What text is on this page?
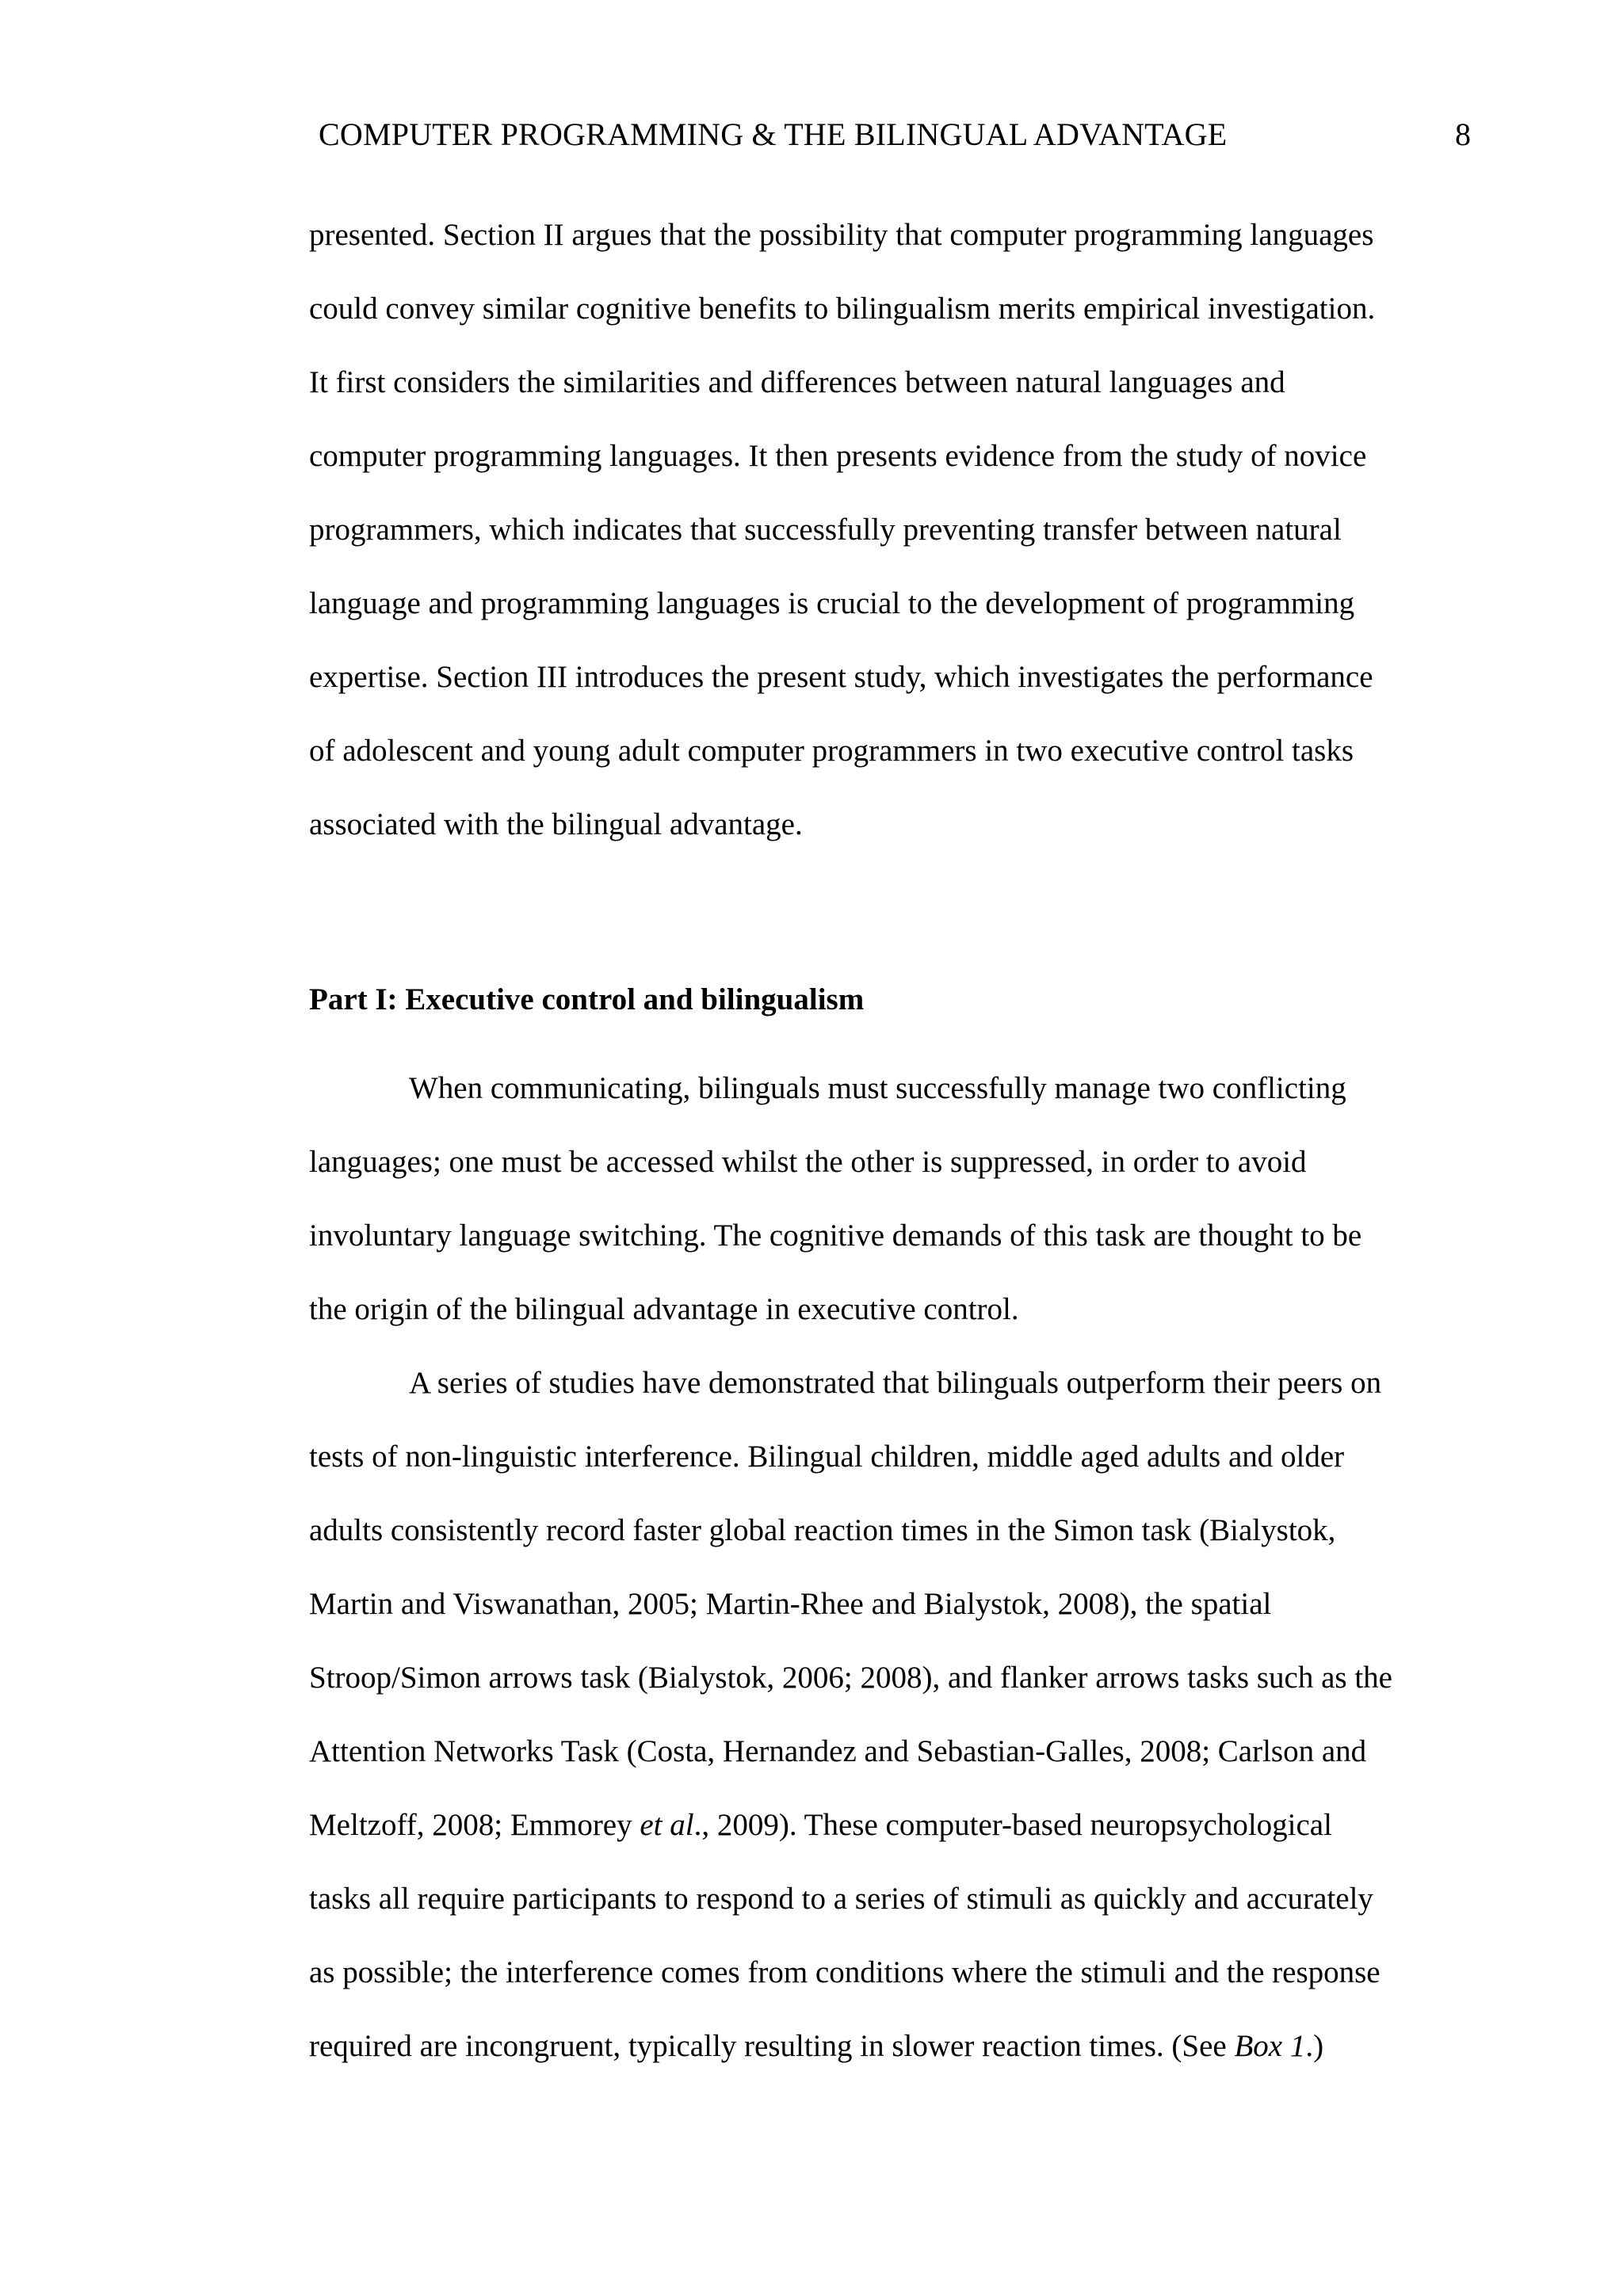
COMPUTER PROGRAMMING & THE BILINGUAL ADVANTAGE	8
presented. Section II argues that the possibility that computer programming languages
could convey similar cognitive benefits to bilingualism merits empirical investigation.
It first considers the similarities and differences between natural languages and
computer programming languages. It then presents evidence from the study of novice
programmers, which indicates that successfully preventing transfer between natural
language and programming languages is crucial to the development of programming
expertise. Section III introduces the present study, which investigates the performance
of adolescent and young adult computer programmers in two executive control tasks
associated with the bilingual advantage.
Part I: Executive control and bilingualism
When communicating, bilinguals must successfully manage two conflicting
languages; one must be accessed whilst the other is suppressed, in order to avoid
involuntary language switching. The cognitive demands of this task are thought to be
the origin of the bilingual advantage in executive control.
A series of studies have demonstrated that bilinguals outperform their peers on
tests of non-linguistic interference. Bilingual children, middle aged adults and older
adults consistently record faster global reaction times in the Simon task (Bialystok,
Martin and Viswanathan, 2005; Martin-Rhee and Bialystok, 2008), the spatial
Stroop/Simon arrows task (Bialystok, 2006; 2008), and flanker arrows tasks such as the
Attention Networks Task (Costa, Hernandez and Sebastian-Galles, 2008; Carlson and
Meltzoff, 2008; Emmorey et al., 2009). These computer-based neuropsychological
tasks all require participants to respond to a series of stimuli as quickly and accurately
as possible; the interference comes from conditions where the stimuli and the response
required are incongruent, typically resulting in slower reaction times. (See Box 1.)
